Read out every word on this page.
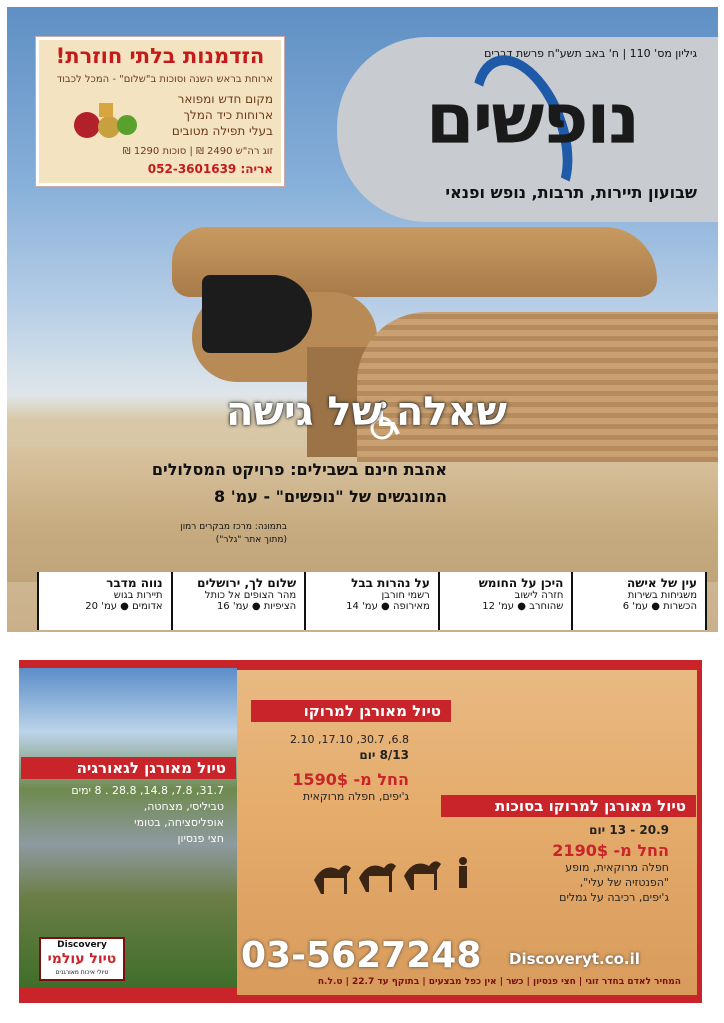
גיליון מס' 110 | ח' באב תשע"ח פרשת דברים
נופשים
שבועון תיירות, תרבות, נופש ופנאי
הזדמנות בלתי חוזרת!
ארוחת בראש השנה וסוכות ב"שלום" - המכל לכבוד
מקום חדש ומפואר
ארוחות כיד המלך
בעלי תפילה מטובים
זוג רה"ש 2490 ₪ | סוכות 1290 ₪
אריה: 052-3601639
שאלה של גישה
אהבת חינם בשבילים: פרויקט המסלולים
המונגשים של "נופשים" - עמ' 8
בתמונה: מרכז מבקרים רמון
(מתוך אתר "גלר")
עין של אישה
משגיחות בשירות
הכשרות ● עמ' 6
היכן על החומש
חזרה לישוב
שהוחרב ● עמ' 12
על נהרות בבל
רשמי חורבן
מאירופה ● עמ' 14
שלום לך, ירושלים
מהר הצופים אל כותל
הציפיות ● עמ' 16
נווה מדבר
תיירות בגוש
אדומים ● עמ' 20
טיול מאורגן למרוקו
6.8, 30.7, 17.10, 2.10
8/13 יום
החל מ- 1590$
ג'יפים, חפלה מרוקאית
טיול מאורגן לגאורגיה
31.7, 7.8, 14.8, 28.8 . 8 ימים
טביליסי, מצחטה,
אופליסציחה, בטומי
חצי פנסיון
טיול מאורגן למרוקו בסוכות
20.9 - 13 יום
החל מ- 2190$
חפלה מרוקאית, מופע
"הפנטזיה של עלי",
ג'יפים, רכיבה על גמלים
Discovery
טיול עולמי
טיולי איכות מאורגנים	03-5627248	Discoveryt.co.il
המחיר לאדם בחדר זוגי | חצי פנסיון | כשר | אין כפל מבצעים | בתוקף עד 22.7 | ט.ל.ח
